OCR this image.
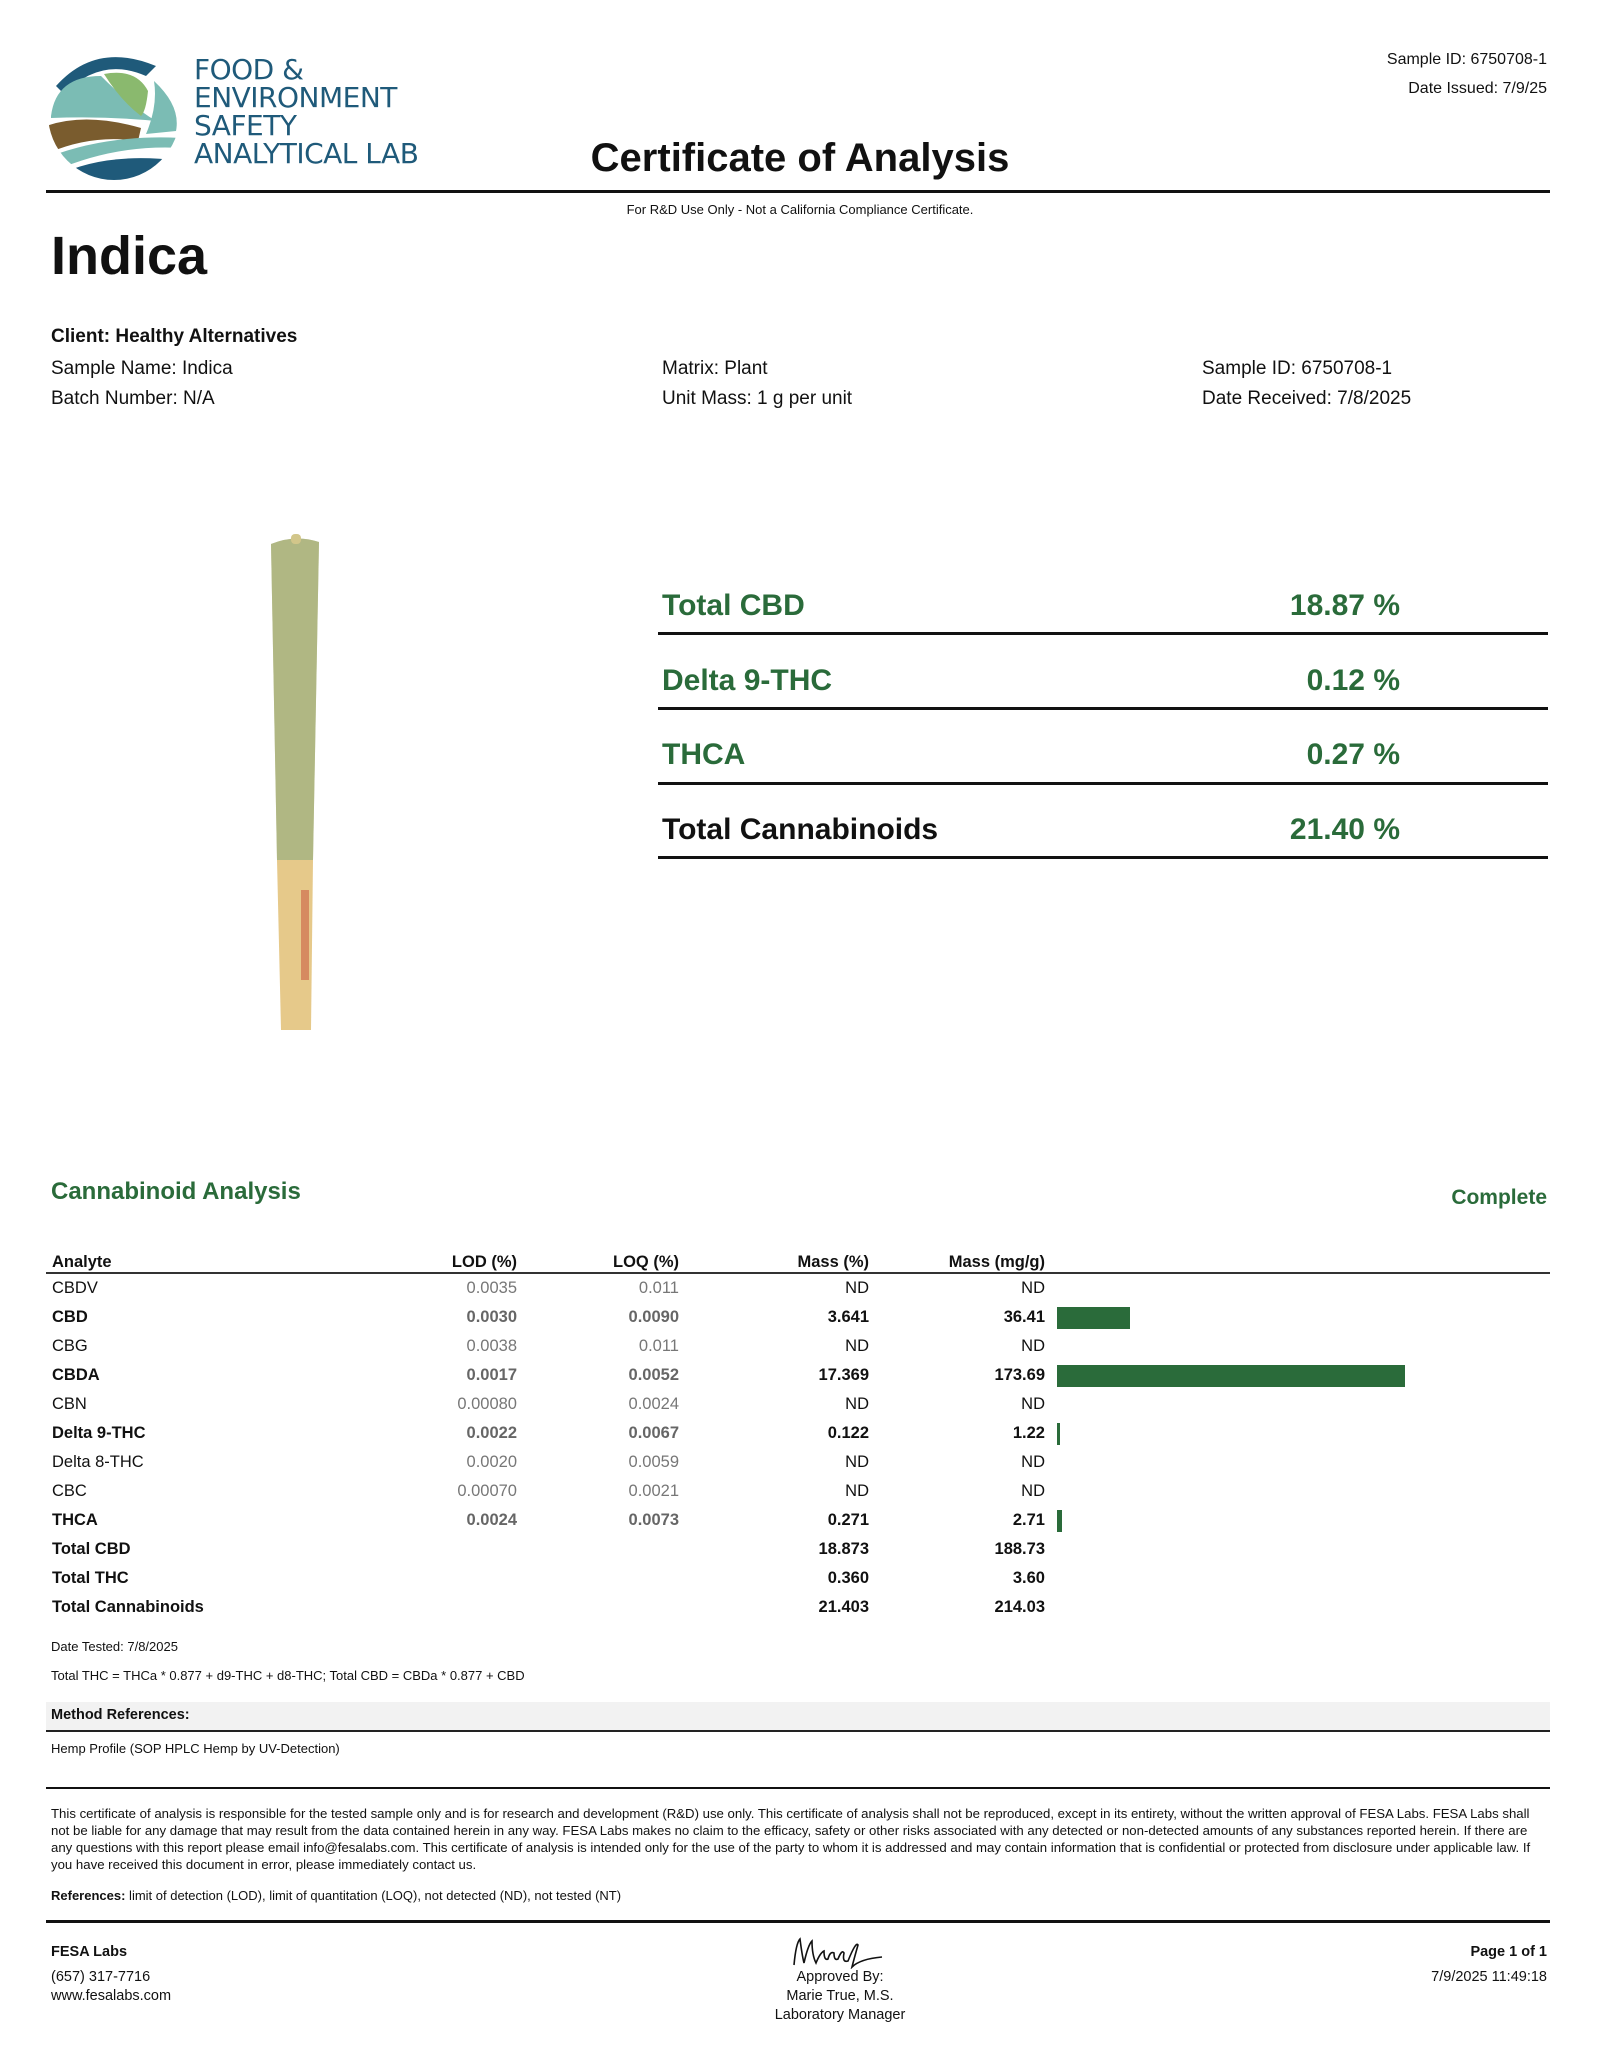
FOOD &
ENVIRONMENT
SAFETY
ANALYTICAL LAB
Sample ID: 6750708-1
Date Issued: 7/9/25
Certificate of Analysis
For R&D Use Only - Not a California Compliance Certificate.
Indica
Client: Healthy Alternatives
Sample Name: Indica
Batch Number: N/A
Matrix: Plant
Unit Mass: 1 g per unit
Sample ID: 6750708-1
Date Received: 7/8/2025
Total CBD	18.87 %
Delta 9-THC	0.12 %
THCA	0.27 %
Total Cannabinoids	21.40 %
Cannabinoid Analysis	Complete
Analyte	LOD (%)	LOQ (%)	Mass (%)	Mass (mg/g)	
CBDV	0.0035	0.011	ND	ND	
CBD	0.0030	0.0090	3.641	36.41	

CBG	0.0038	0.011	ND	ND	
CBDA	0.0017	0.0052	17.369	173.69	

CBN	0.00080	0.0024	ND	ND	
Delta 9-THC	0.0022	0.0067	0.122	1.22	

Delta 8-THC	0.0020	0.0059	ND	ND	
CBC	0.00070	0.0021	ND	ND	
THCA	0.0024	0.0073	0.271	2.71	

Total CBD			18.873	188.73	
Total THC			0.360	3.60	
Total Cannabinoids			21.403	214.03	
Date Tested: 7/8/2025
Total THC = THCa * 0.877 + d9-THC + d8-THC; Total CBD = CBDa * 0.877 + CBD
Method References:
Hemp Profile (SOP HPLC Hemp by UV-Detection)
This certificate of analysis is responsible for the tested sample only and is for research and development (R&D) use only. This certificate of analysis shall not be reproduced, except in its entirety, without the written approval of FESA Labs. FESA Labs shall not be liable for any damage that may result from the data contained herein in any way. FESA Labs makes no claim to the efficacy, safety or other risks associated with any detected or non-detected amounts of any substances reported herein. If there are any questions with this report please email info@fesalabs.com. This certificate of analysis is intended only for the use of the party to whom it is addressed and may contain information that is confidential or protected from disclosure under applicable law. If you have received this document in error, please immediately contact us.
References: limit of detection (LOD), limit of quantitation (LOQ), not detected (ND), not tested (NT)
FESA Labs
(657) 317-7716
www.fesalabs.com
Approved By:
Marie True, M.S.
Laboratory Manager
Page 1 of 1
7/9/2025 11:49:18
